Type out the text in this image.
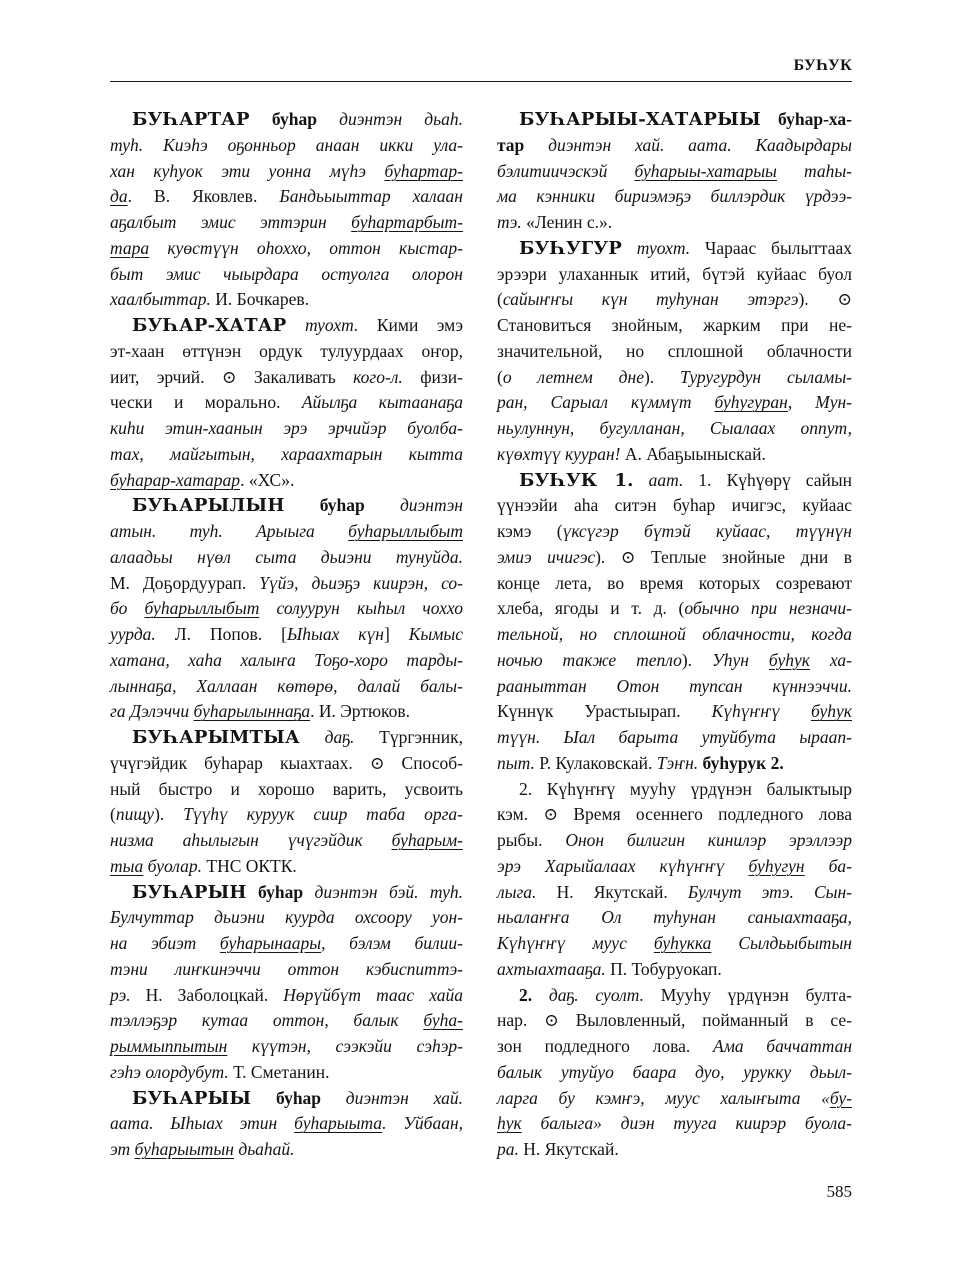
БУҺУК
БУҺАРТАР буһар диэнтэн дьаһ.
туһ. Киэһэ оҕонньор анаан икки ула-
хан куһуок эти уонна мүһэ буһартар-
да. В. Яковлев. Бандьыыттар халаан
аҕалбыт эмис эттэрин буһартарбыт-
тара куөстүүн оһоххо, оттон кыстар-
быт эмис чыырдара остуолга олорон
хаалбыттар. И. Бочкарев.
БУҺАР-ХАТАР туохт. Кими эмэ
эт-хаан өттүнэн ордук тулуурдаах оҥор,
иит, эрчий. ⊙ Закаливать кого-л. физи-
чески и морально. Айылҕа кытаанаҕа
киһи этин-хаанын эрэ эрчийэр буолба-
тах, майгытын, хараахтарын кытта
буһарар-хатарар. «ХС».
БУҺАРЫЛЫН буһар диэнтэн
атын. туһ. Арыыга буһарыллыбыт
алаадьы нүөл сыта дьиэни тунуйда.
М. Доҕордуурап. Үүйэ, дьиэҕэ киирэн, со-
бо буһарыллыбыт солуурун кыһыл чоххо
уурда. Л. Попов. [Ыһыах күн] Кымыс
хатана, хаһа халыҥа Тоҕо-хоро тарды-
лыннаҕа, Халлаан көтөрө, далай балы-
га Дэлэччи буһарылыннаҕа. И. Эртюков.
БУҺАРЫМТЫА даҕ. Түргэнник,
үчүгэйдик буһарар кыахтаах. ⊙ Способ-
ный быстро и хорошо варить, усвоить
(пищу). Түүһү куруук сиир таба орга-
низма аһылыгын үчүгэйдик буһарым-
тыа буолар. ТНС ОКТК.
БУҺАРЫН буһар диэнтэн бэй. туһ.
Булчуттар дьиэни куурда охсоору уон-
на эбиэт буһарынаары, бэлэм билии-
тэни лиҥкинэччи оттон кэбиспиттэ-
рэ. Н. Заболоцкай. Нөрүйбүт таас хайа
тэллэҕэр кутаа оттон, балык буһа-
рыммыппытын күүтэн, сээкэйи сэһэр-
гэһэ олордубут. Т. Сметанин.
БУҺАРЫЫ буһар диэнтэн хай.
аата. Ыһыах этин буһарыыта. Уйбаан,
эт буһарыытын дьаһай.
БУҺАРЫЫ-ХАТАРЫЫ буһар-ха-
тар диэнтэн хай. аата. Каадырдары
бэлитиичэскэй буһарыы-хатарыы таһы-
ма кэнники бириэмэҕэ биллэрдик үрдээ-
тэ. «Ленин с.».
БУҺУГУР туохт. Чараас былыттаах
эрээри улаханнык итий, бүтэй куйаас буол
(сайыҥҥы күн туһунан этэргэ). ⊙
Становиться знойным, жарким при не-
значительной, но сплошной облачности
(о летнем дне). Туругурдун сыламы-
ран, Сарыал күммүт буһугуран, Мун-
ньулуннун, бугулланан, Сыалаах оппут,
күөхтүү кууран! А. Абаҕыыныскай.
БУҺУК 1. аат. 1. Күһүөрү сайын
үүнээйи аһа ситэн буһар ичигэс, куйаас
кэмэ (үксүгэр бүтэй куйаас, түүнүн
эмиэ ичигэс). ⊙ Теплые знойные дни в
конце лета, во время которых созревают
хлеба, ягоды и т. д. (обычно при незначи-
тельной, но сплошной облачности, когда
ночью также тепло). Уһун буһук ха-
рааныттан Отон тупсан күннээччи.
Күннүк Урастыырап. Күһүҥҥү буһук
түүн. Ыал барыта утуйбута ыраап-
пыт. Р. Кулаковскай. Тэҥн. буһурук 2.
2. Күһүҥҥү мууһу үрдүнэн балыктыыр
кэм. ⊙ Время осеннего подледного лова
рыбы. Онон билигин кинилэр эрэллээр
эрэ Харыйалаах күһүҥҥү буһугун ба-
лыга. Н. Якутскай. Булчут этэ. Сын-
ньалаҥҥа Ол туһунан саныахтааҕа,
Күһүҥҥү муус буһукка Сылдьыбытын
ахтыахтааҕа. П. Тобуруокап.
2. даҕ. суолт. Мууһу үрдүнэн булта-
нар. ⊙ Выловленный, пойманный в се-
зон подледного лова. Ама баччаттан
балык утуйуо баара дуо, урукку дьыл-
ларга бу кэмҥэ, муус халыҥыта «бу-
һук балыга» диэн тууга киирэр буола-
ра. Н. Якутскай.
585
